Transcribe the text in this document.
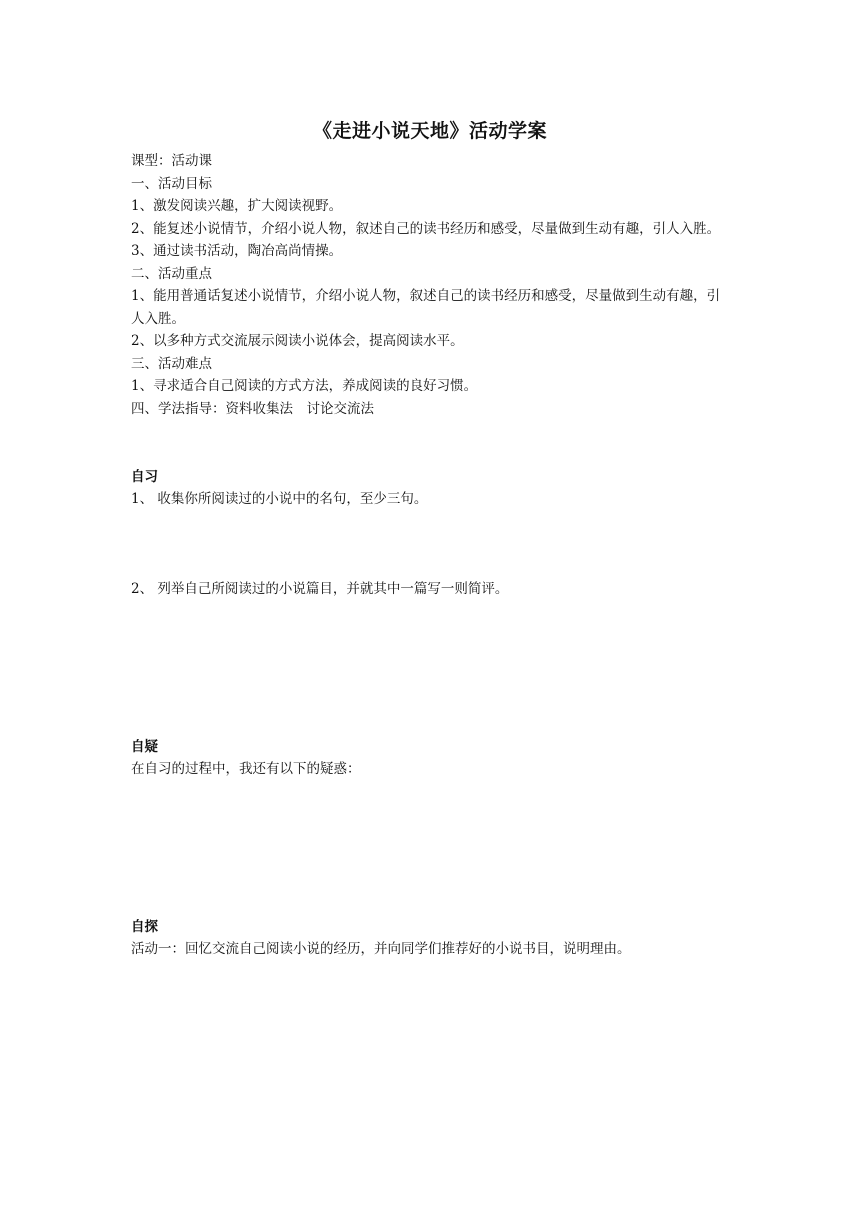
《走进小说天地》活动学案

课型：活动课

一、活动目标

1、激发阅读兴趣，扩大阅读视野。

2、能复述小说情节，介绍小说人物，叙述自己的读书经历和感受，尽量做到生动有趣，引人入胜。

3、通过读书活动，陶冶高尚情操。

二、活动重点

1、能用普通话复述小说情节，介绍小说人物，叙述自己的读书经历和感受，尽量做到生动有趣，引人入胜。

2、以多种方式交流展示阅读小说体会，提高阅读水平。

三、活动难点

1、寻求适合自己阅读的方式方法，养成阅读的良好习惯。

四、学法指导：资料收集法　讨论交流法

自习

1、 收集你所阅读过的小说中的名句，至少三句。

2、 列举自己所阅读过的小说篇目，并就其中一篇写一则简评。

自疑

在自习的过程中，我还有以下的疑惑：

自探

活动一：回忆交流自己阅读小说的经历，并向同学们推荐好的小说书目，说明理由。
